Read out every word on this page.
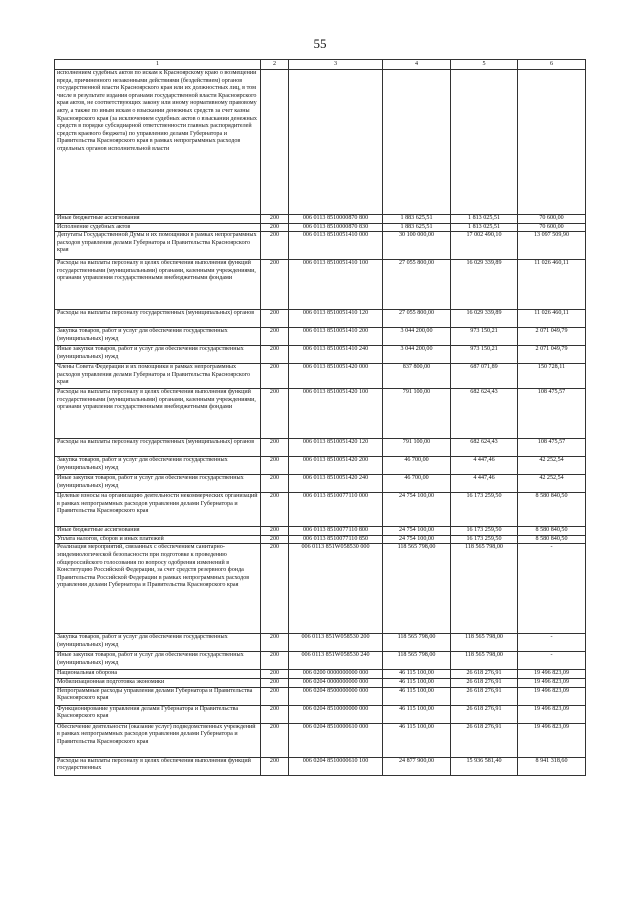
55
1	2	3	4	5	6
исполнением судебных актов по искам к Красноярскому краю о возмещении вреда, причиненного незаконными действиями (бездействием) органов государственной власти Красноярского края или их должностных лиц, в том числе в результате издания органами государственной власти Красноярского края актов, не соответствующих закону или иному нормативному правовому акту, а также по иным искам о взыскании денежных средств за счет казны Красноярского края (за исключением судебных актов о взыскании денежных средств в порядке субсидиарной ответственности главных распорядителей средств краевого бюджета) по управлению делами Губернатора и Правительства Красноярского края в рамках непрограммных расходов отдельных органов исполнительной власти					
Иные бюджетные ассигнования	200	006 0113 8510000870 800	1 883 625,51	1 813 025,51	70 600,00
Исполнение судебных актов	200	006 0113 8510000870 830	1 883 625,51	1 813 025,51	70 600,00
Депутаты Государственной Думы и их помощники в рамках непрограммных расходов управления делами Губернатора и Правительства Красноярского края	200	006 0113 8510051410 000	30 100 000,00	17 002 490,10	13 097 509,90
Расходы на выплаты персоналу в целях обеспечения выполнения функций государственными (муниципальными) органами, казенными учреждениями, органами управления государственными внебюджетными фондами	200	006 0113 8510051410 100	27 055 800,00	16 029 339,89	11 026 460,11
Расходы на выплаты персоналу государственных (муниципальных) органов	200	006 0113 8510051410 120	27 055 800,00	16 029 339,89	11 026 460,11
Закупка товаров, работ и услуг для обеспечения государственных (муниципальных) нужд	200	006 0113 8510051410 200	3 044 200,00	973 150,21	2 071 049,79
Иные закупки товаров, работ и услуг для обеспечения государственных (муниципальных) нужд	200	006 0113 8510051410 240	3 044 200,00	973 150,21	2 071 049,79
Члены Совета Федерации и их помощники в рамках непрограммных расходов управления делами Губернатора и Правительства Красноярского края	200	006 0113 8510051420 000	837 800,00	687 071,89	150 728,11
Расходы на выплаты персоналу в целях обеспечения выполнения функций государственными (муниципальными) органами, казенными учреждениями, органами управления государственными внебюджетными фондами	200	006 0113 8510051420 100	791 100,00	682 624,43	108 475,57
Расходы на выплаты персоналу государственных (муниципальных) органов	200	006 0113 8510051420 120	791 100,00	682 624,43	108 475,57
Закупка товаров, работ и услуг для обеспечения государственных (муниципальных) нужд	200	006 0113 8510051420 200	46 700,00	4 447,46	42 252,54
Иные закупки товаров, работ и услуг для обеспечения государственных (муниципальных) нужд	200	006 0113 8510051420 240	46 700,00	4 447,46	42 252,54
Целевые взносы на организацию деятельности некоммерческих организаций в рамках непрограммных расходов управления делами Губернатора и Правительства Красноярского края	200	006 0113 8510077110 000	24 754 100,00	16 173 259,50	8 580 840,50
Иные бюджетные ассигнования	200	006 0113 8510077110 800	24 754 100,00	16 173 259,50	8 580 840,50
Уплата налогов, сборов и иных платежей	200	006 0113 8510077110 850	24 754 100,00	16 173 259,50	8 580 840,50
Реализация мероприятий, связанных с обеспечением санитарно-эпидемиологической безопасности при подготовке к проведению общероссийского голосования по вопросу одобрения изменений в Конституцию Российской Федерации, за счет средств резервного фонда Правительства Российской Федерации в рамках непрограммных расходов управления делами Губернатора и Правительства Красноярского края	200	006 0113 851W058530 000	118 565 798,00	118 565 798,00	-
Закупка товаров, работ и услуг для обеспечения государственных (муниципальных) нужд	200	006 0113 851W058530 200	118 565 798,00	118 565 798,00	-
Иные закупки товаров, работ и услуг для обеспечения государственных (муниципальных) нужд	200	006 0113 851W058530 240	118 565 798,00	118 565 798,00	-
Национальная оборона	200	006 0200 0000000000 000	46 115 100,00	26 618 276,91	19 496 823,09
Мобилизационная подготовка экономики	200	006 0204 0000000000 000	46 115 100,00	26 618 276,91	19 496 823,09
Непрограммные расходы управления делами Губернатора и Правительства Красноярского края	200	006 0204 8500000000 000	46 115 100,00	26 618 276,91	19 496 823,09
Функционирование управления делами Губернатора и Правительства Красноярского края	200	006 0204 8510000000 000	46 115 100,00	26 618 276,91	19 496 823,09
Обеспечение деятельности (оказание услуг) подведомственных учреждений в рамках непрограммных расходов управления делами Губернатора и Правительства Красноярского края	200	006 0204 8510000610 000	46 115 100,00	26 618 276,91	19 496 823,09
Расходы на выплаты персоналу в целях обеспечения выполнения функций государственных	200	006 0204 8510000610 100	24 877 900,00	15 936 581,40	8 941 318,60
